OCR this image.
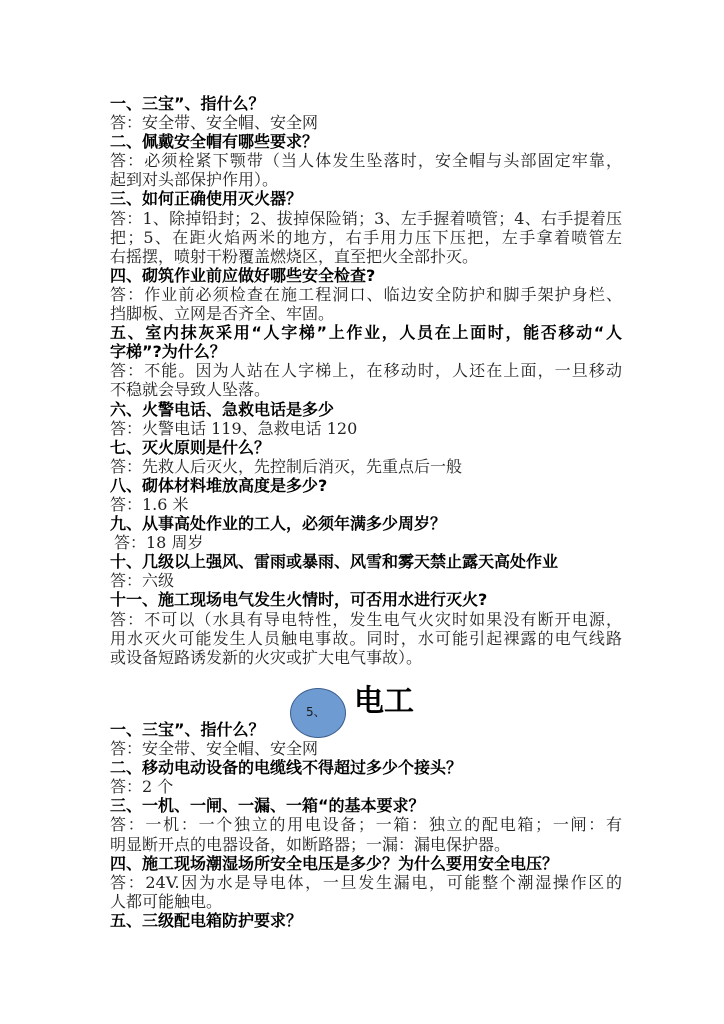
一、三宝”、指什么？
答：安全带、安全帽、安全网
二、佩戴安全帽有哪些要求？
答：必须栓紧下颚带（当人体发生坠落时，安全帽与头部固定牢靠，
起到对头部保护作用）。
三、如何正确使用灭火器？
答：1、除掉铅封；2、拔掉保险销；3、左手握着喷管；4、右手提着压
把；5、在距火焰两米的地方，右手用力压下压把，左手拿着喷管左
右摇摆，喷射干粉覆盖燃烧区，直至把火全部扑灭。
四、砌筑作业前应做好哪些安全检查?
答：作业前必须检查在施工程洞口、临边安全防护和脚手架护身栏、
挡脚板、立网是否齐全、牢固。
五、室内抹灰采用“人字梯”上作业，人员在上面时，能否移动“人
字梯”?为什么？
答：不能。因为人站在人字梯上，在移动时，人还在上面，一旦移动
不稳就会导致人坠落。
六、火警电话、急救电话是多少
答：火警电话 119、急救电话 120
七、灭火原则是什么？
答：先救人后灭火，先控制后消灭，先重点后一般
八、砌体材料堆放高度是多少?
答：1.6 米
九、从事高处作业的工人，必须年满多少周岁？
答：18 周岁
十、几级以上强风、雷雨或暴雨、风雪和雾天禁止露天高处作业
答：六级
十一、施工现场电气发生火情时，可否用水进行灭火?
答：不可以（水具有导电特性，发生电气火灾时如果没有断开电源，
用水灭火可能发生人员触电事故。同时，水可能引起裸露的电气线路
或设备短路诱发新的火灾或扩大电气事故）。
5、 电工
一、三宝”、指什么？
答：安全带、安全帽、安全网
二、移动电动设备的电缆线不得超过多少个接头？
答：2 个
三、一机、一闸、一漏、一箱“的基本要求？
答：一机：一个独立的用电设备；一箱：独立的配电箱；一闸：有
明显断开点的电器设备，如断路器；一漏：漏电保护器。
四、施工现场潮湿场所安全电压是多少？为什么要用安全电压？
答：24V.因为水是导电体，一旦发生漏电，可能整个潮湿操作区的
人都可能触电。
五、三级配电箱防护要求？
